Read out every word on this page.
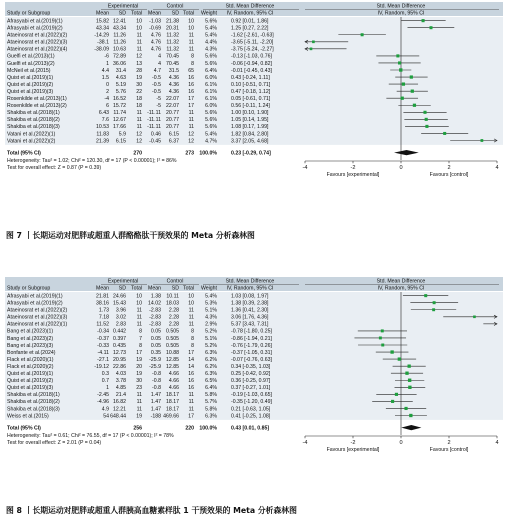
Experimental	Control	Std. Mean Difference	Std. Mean Difference
Study or Subgroup	Mean SD Total Mean SD Total Weight IV, Random, 95% CI	IV, Random, 95% CI
Afrasyabi et al.(2019)(1)	15.82 12.41 10 -1.03 21.38 10 5.6%	0.92 [0.01, 1.86]
Afrasyabi et al.(2019)(2)	43.34 43.34 10 -0.69 20.31 10 5.4%	1.25 [0.27, 2.22]
Ataeinosrat et al.(2022)(2)	-14.29 11.26 11 4.76 11.32 11 5.4%	-1.62 [-2.61, -0.63]
Ataeinosrat et al.(2022)(3)	-38.1 11.26 11 4.76 11.32 11 4.4%	-3.65 [-5.11, -2.20]
Ataeinosrat et al.(2022)(4)	-38.09 10.63 11 4.76 11.32 11 4.3%	-3.75 [-5.24, -2.27]
Guelfi et al.(2013)(1)	-6 72.89 12	4 70.45 8 5.6%	-0.13 [-1.03, 0.76]
Guelfi et al.(2013)(2)	1 36.06 13	4 70.45 8 5.6%	-0.06 [-0.94, 0.82]
McNeil et al.(2015)	4.4 31.4 28 4.7 31.5 65 6.4%	-0.01 [-0.45, 0.43]
Quist et al.(2019)(1)	1.5 4.63 19 -0.5 4.36 16 6.0%	0.43 [-0.24, 1.11]
Quist et al.(2019)(2)	0 5.19 30 -0.5 4.36 16 6.1%	0.10 [-0.51, 0.71]
Quist et al.(2019)(3)	2 5.76 22 -0.5 4.36 16 6.1%	0.47 [-0.18, 1.12]
Rosenkilde et al.(2013)(1)	-4 16.52 18	-5 22.07 17 6.1%	0.05 [-0.61, 0.71]
Rosenkilde et al.(2013)(2)	6 15.72 18	-5 22.07 17 6.0%	0.56 [-0.11, 1.24]
Shakiba et al.(2018)(1)	6.43 11.74 11 -11.11 20.77 11 5.6%	1.00 [0.10, 1.90]
Shakiba et al.(2018)(2)	7.6 12.67 11 -11.11 20.77 11 5.6%	1.05 [0.14, 1.95]
Shakiba et al.(2018)(3)	10.53 17.66 11 -11.11 20.77 11 5.6%	1.08 [0.17, 1.99]
Vatani et al.(2022)(1)	11.83 5.9 12 0.46 6.15 12 5.4%	1.82 [0.84, 2.80]
Vatani et al.(2022)(2)	21.39 6.15 12 -0.45 6.37 12 4.7%	3.37 [2.05, 4.68]
Total (95% CI)	270	273 100.0%	0.23 [-0.29, 0.74]
Heterogeneity: Tau² = 1.02; Chi² = 120.30, df = 17 (P < 0.00001); I² = 86%
Test for overall effect: Z = 0.87 (P = 0.39)	-4	-2	0	2	4
Favours [experimental]	Favours [control]
图 7 丨长期运动对肥胖或超重人群酪酪肽干预效果的 Meta 分析森林图
Experimental	Control	Std. Mean Difference	Std. Mean Difference
Study or Subgroup	Mean SD Total Mean SD Total Weight IV, Random, 95% CI	IV, Random, 95% CI
Afrasyabi et al.(2019)(1)	21.81 24.66 10 1.38 10.11 10 5.4%	1.03 [0.08, 1.97]
Afrasyabi et al.(2019)(2)	38.16 15.43 10 14.02 18.03 10 5.3%	1.38 [0.39, 2.38]
Ataeinosrat et al.(2022)(2)	1.73 3.96 11 -2.83 2.28 11 5.1%	1.36 [0.41, 2.30]
Ataeinosrat et al.(2022)(3)	7.18 3.02 11 -2.83 2.28 11 4.3%	3.06 [1.76, 4.36]
Ataeinosrat et al.(2022)(1)	11.52 2.83 11 -2.83 2.28 11 2.9%	5.37 [3.43, 7.31]
Bang et al.(2023)(1)	-0.34 0.442	8 0.05 0.505 8 5.2%	-0.78 [-1.80, 0.25]
Bang et al.(2023)(2)	-0.37 0.397	7 0.05 0.505 8 5.1%	-0.86 [-1.94, 0.21]
Bang et al.(2023)(3)	-0.33 0.435	8 0.05 0.505 8 5.2%	-0.76 [-1.79, 0.26]
Bonfante et al.(2024)	-4.11 12.73 17 0.35 10.88 17 6.3%	-0.37 [-1.05, 0.31]
Flack et al.(2020)(1)	-27.1 20.95 19 -25.9 12.85 14 6.2%	-0.07 [-0.76, 0.63]
Flack et al.(2020)(2)	-19.12 22.86 20 -25.9 12.85 14 6.2%	0.34 [-0.35, 1.03]
Quist et al.(2019)(1)	0.3 4.03 19 -0.8 4.66 16 6.3%	0.25 [-0.42, 0.92]
Quist et al.(2019)(2)	0.7 3.78 30 -0.8 4.66 16 6.5%	0.36 [-0.25, 0.97]
Quist et al.(2019)(3)	1 4.85 23 -0.8 4.66 16 6.4%	0.37 [-0.27, 1.01]
Shakiba et al.(2018)(1)	-2.45 21.4 11 1.47 18.17 11 5.8%	-0.19 [-1.03, 0.65]
Shakiba et al.(2018)(2)	-4.96 16.82 11 1.47 18.17 11 5.7%	-0.35 [-1.20, 0.49]
Shakiba et al.(2018)(3)	4.9 12.21 11 1.47 18.17 11 5.8%	0.21 [-0.63, 1.05]
Weiss et al.(2015)	54 648.44 19 -188 469.66 17 6.3%	0.41 [-0.25, 1.08]
Total (95% CI)	256	220 100.0%	0.43 [0.01, 0.85]
Heterogeneity: Tau² = 0.61; Chi² = 76.55, df = 17 (P < 0.00001); I² = 78%
Test for overall effect: Z = 2.01 (P = 0.04)	-4	-2	0	2	4
Favours [experimental]	Favours [control]
图 8 丨长期运动对肥胖或超重人群胰高血糖素样肽 1 干预效果的 Meta 分析森林图
